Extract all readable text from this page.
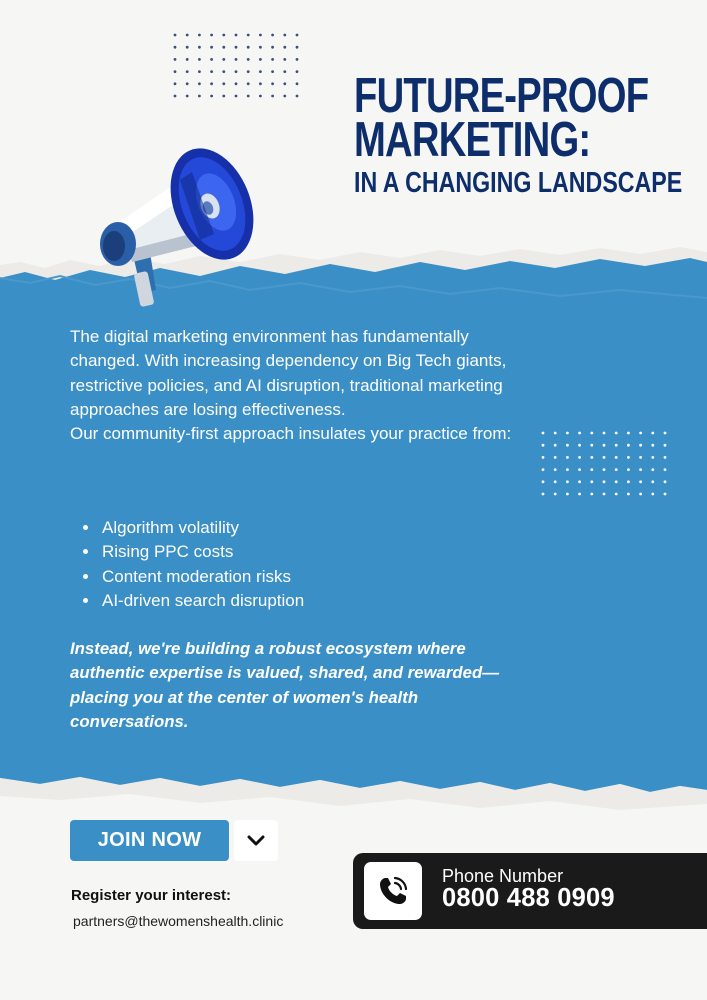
FUTURE-PROOF
MARKETING:
IN A CHANGING LANDSCAPE

The digital marketing environment has fundamentally changed. With increasing dependency on Big Tech giants, restrictive policies, and AI disruption, traditional marketing approaches are losing effectiveness.

Our community-first approach insulates your practice from:

• Algorithm volatility
• Rising PPC costs
• Content moderation risks
• AI-driven search disruption

Instead, we're building a robust ecosystem where authentic expertise is valued, shared, and rewarded—placing you at the center of women's health conversations.

JOIN NOW
Register your interest:
partners@thewomenshealth.clinic
Phone Number
0800 488 0909
